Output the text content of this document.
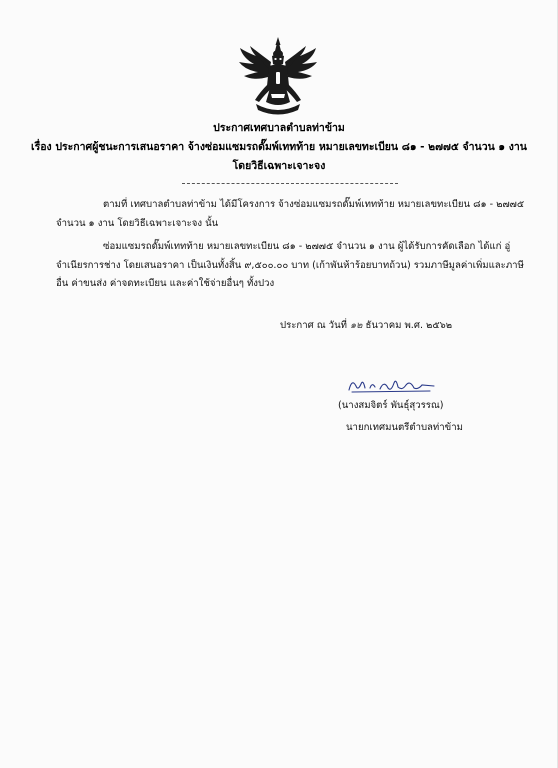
ประกาศเทศบาลตำบลท่าข้าม
เรื่อง ประกาศผู้ชนะการเสนอราคา จ้างซ่อมแซมรถดั๊มพ์เททท้าย หมายเลขทะเบียน ๘๑ - ๒๗๗๕ จำนวน ๑ งาน
โดยวิธีเฉพาะเจาะจง
ตามที่ เทศบาลตำบลท่าข้าม ได้มีโครงการ จ้างซ่อมแซมรถดั๊มพ์เททท้าย หมายเลขทะเบียน ๘๑ - ๒๗๗๕
จำนวน ๑ งาน โดยวิธีเฉพาะเจาะจง นั้น
ซ่อมแซมรถดั๊มพ์เททท้าย หมายเลขทะเบียน ๘๑ - ๒๗๗๕ จำนวน ๑ งาน ผู้ได้รับการคัดเลือก ได้แก่ อู่
จำเนียรการช่าง โดยเสนอราคา เป็นเงินทั้งสิ้น ๙,๕๐๐.๐๐ บาท (เก้าพันห้าร้อยบาทถ้วน) รวมภาษีมูลค่าเพิ่มและภาษี
อื่น ค่าขนส่ง ค่าจดทะเบียน และค่าใช้จ่ายอื่นๆ ทั้งปวง
ประกาศ ณ วันที่ ๑๒ ธันวาคม พ.ศ. ๒๕๖๒
(นางสมจิตร์ พันธุ์สุวรรณ)
นายกเทศมนตรีตำบลท่าข้าม
